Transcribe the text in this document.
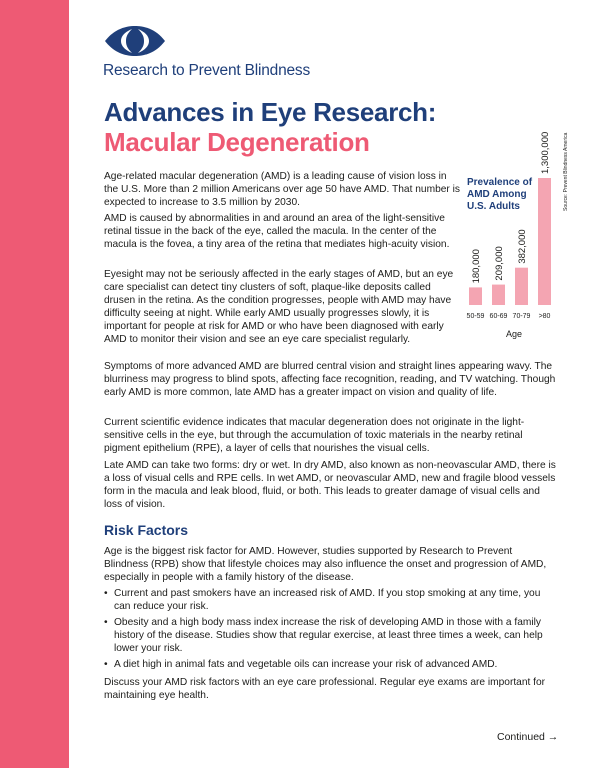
Research to Prevent Blindness
Advances in Eye Research:
Macular Degeneration

Age-related macular degeneration (AMD) is a leading cause of vision loss in the U.S. More than 2 million Americans over age 50 have AMD. That number is expected to increase to 3.5 million by 2030.

AMD is caused by abnormalities in and around an area of the light-sensitive retinal tissue in the back of the eye, called the macula. In the center of the macula is the fovea, a tiny area of the retina that mediates high-acuity vision.

Eyesight may not be seriously affected in the early stages of AMD, but an eye care specialist can detect tiny clusters of soft, plaque-like deposits called drusen in the retina. As the condition progresses, people with AMD may have difficulty seeing at night. While early AMD usually progresses slowly, it is important for people at risk for AMD or who have been diagnosed with early AMD to monitor their vision and see an eye care specialist regularly.

Symptoms of more advanced AMD are blurred central vision and straight lines appearing wavy. The blurriness may progress to blind spots, affecting face recognition, reading, and TV watching. Though early AMD is more common, late AMD has a greater impact on vision and quality of life.

Current scientific evidence indicates that macular degeneration does not originate in the light-sensitive cells in the eye, but through the accumulation of toxic materials in the nearby retinal pigment epithelium (RPE), a layer of cells that nourishes the visual cells.

Late AMD can take two forms: dry or wet. In dry AMD, also known as non-neovascular AMD, there is a loss of visual cells and RPE cells. In wet AMD, or neovascular AMD, new and fragile blood vessels form in the macula and leak blood, fluid, or both. This leads to greater damage of visual cells and loss of vision.

Risk Factors

Age is the biggest risk factor for AMD. However, studies supported by Research to Prevent Blindness (RPB) show that lifestyle choices may also influence the onset and progression of AMD, especially in people with a family history of the disease.

• Current and past smokers have an increased risk of AMD. If you stop smoking at any time, you can reduce your risk.

• Obesity and a high body mass index increase the risk of developing AMD in those with a family history of the disease. Studies show that regular exercise, at least three times a week, can help lower your risk.

• A diet high in animal fats and vegetable oils can increase your risk of advanced AMD.

Discuss your AMD risk factors with an eye care professional. Regular eye exams are important for maintaining eye health.

Continued →
Prevalence of AMD Among U.S. Adults
180,000
50-59
209,000
60-69
382,000
70-79
1,300,000
>80
Age
Source: Prevent Blindness America
